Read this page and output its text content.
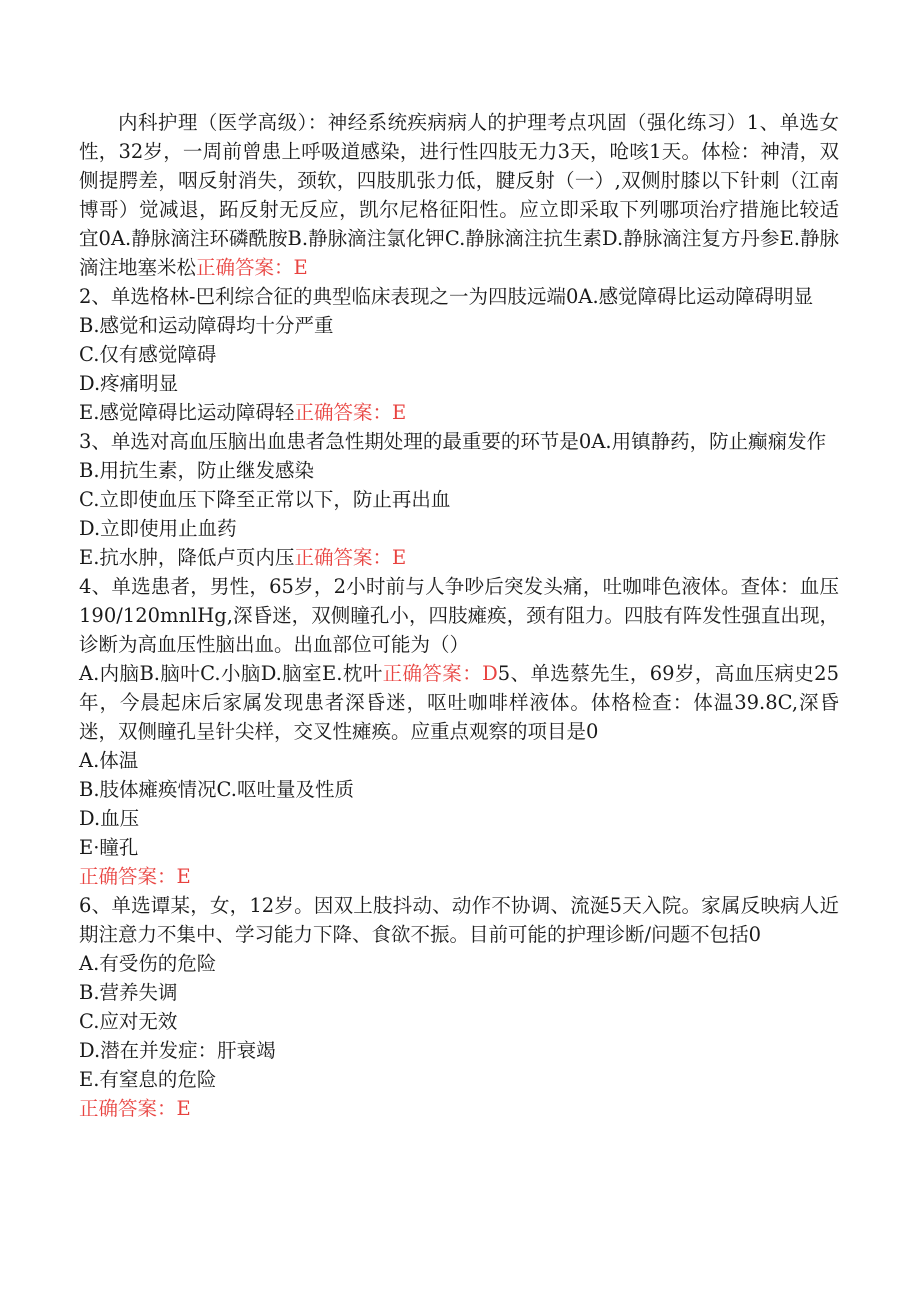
内科护理（医学高级）：神经系统疾病病人的护理考点巩固（强化练习）1、单选女性，32岁，一周前曾患上呼吸道感染，进行性四肢无力3天，呛咳1天。体检：神清，双侧提腭差，咽反射消失，颈软，四肢肌张力低，腱反射（一）,双侧肘膝以下针刺（江南博哥）觉减退，跖反射无反应，凯尔尼格征阳性。应立即采取下列哪项治疗措施比较适宜0A.静脉滴注环磷酰胺B.静脉滴注氯化钾C.静脉滴注抗生素D.静脉滴注复方丹参E.静脉滴注地塞米松正确答案：E

2、单选格林-巴利综合征的典型临床表现之一为四肢远端0A.感觉障碍比运动障碍明显

B.感觉和运动障碍均十分严重

C.仅有感觉障碍

D.疼痛明显

E.感觉障碍比运动障碍轻正确答案：E

3、单选对高血压脑出血患者急性期处理的最重要的环节是0A.用镇静药，防止癫痫发作

B.用抗生素，防止继发感染

C.立即使血压下降至正常以下，防止再出血

D.立即使用止血药

E.抗水肿，降低卢页内压正确答案：E

4、单选患者，男性，65岁，2小时前与人争吵后突发头痛，吐咖啡色液体。查体：血压190/120mnlHg,深昏迷，双侧瞳孔小，四肢瘫痪，颈有阻力。四肢有阵发性强直出现，诊断为高血压性脑出血。出血部位可能为（）

A.内脑B.脑叶C.小脑D.脑室E.枕叶正确答案：D5、单选蔡先生，69岁，高血压病史25年，今晨起床后家属发现患者深昏迷，呕吐咖啡样液体。体格检查：体温39.8C,深昏迷，双侧瞳孔呈针尖样，交叉性瘫痪。应重点观察的项目是0

A.体温

B.肢体瘫痪情况C.呕吐量及性质

D.血压

E·瞳孔

正确答案：E

6、单选谭某，女，12岁。因双上肢抖动、动作不协调、流涎5天入院。家属反映病人近期注意力不集中、学习能力下降、食欲不振。目前可能的护理诊断/问题不包括0

A.有受伤的危险

B.营养失调

C.应对无效

D.潜在并发症：肝衰竭

E.有窒息的危险

正确答案：E
